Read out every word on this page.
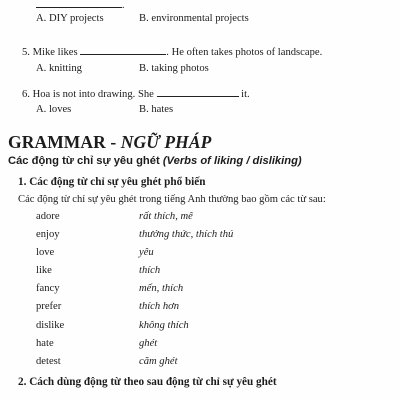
.
A. DIY projects	B. environmental projects
5. Mike likes	. He often takes photos of landscape.
A. knitting	B. taking photos
6. Hoa is not into drawing. She	it.
A. loves	B. hates
GRAMMAR - NGỮ PHÁP
Các động từ chỉ sự yêu ghét (Verbs of liking / disliking)
1. Các động từ chỉ sự yêu ghét phổ biến
Các động từ chỉ sự yêu ghét trong tiếng Anh thường bao gồm các từ sau:
adore	rất thích, mê
enjoy	thưởng thức, thích thú
love	yêu
like	thích
fancy	mến, thích
prefer	thích hơn
dislike	không thích
hate	ghét
detest	căm ghét
2. Cách dùng động từ theo sau động từ chỉ sự yêu ghét
